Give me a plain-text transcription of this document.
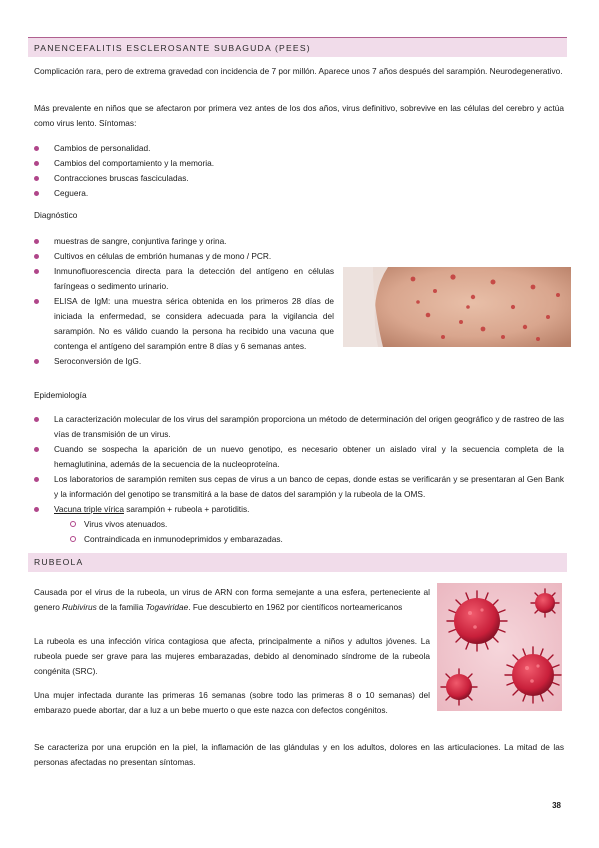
PANENCEFALITIS ESCLEROSANTE SUBAGUDA (PEES)

Complicación rara, pero de extrema gravedad con incidencia de 7 por millón. Aparece unos 7 años después del sarampión. Neurodegenerativo.

Más prevalente en niños que se afectaron por primera vez antes de los dos años, virus definitivo, sobrevive en las células del cerebro y actúa como virus lento. Síntomas:

Cambios de personalidad.
Cambios del comportamiento y la memoria.
Contracciones bruscas fasciculadas.
Ceguera.
Diagnóstico
muestras de sangre, conjuntiva faringe y orina.
Cultivos en células de embrión humanas y de mono / PCR.
Inmunofluorescencia directa para la detección del antígeno en células faríngeas o sedimento urinario.
ELISA de IgM: una muestra sérica obtenida en los primeros 28 días de iniciada la enfermedad, se considera adecuada para la vigilancia del sarampión. No es válido cuando la persona ha recibido una vacuna que contenga el antígeno del sarampión entre 8 días y 6 semanas antes.
Seroconversión de IgG.
Epidemiología
La caracterización molecular de los virus del sarampión proporciona un método de determinación del origen geográfico y de rastreo de las vías de transmisión de un virus.
Cuando se sospecha la aparición de un nuevo genotipo, es necesario obtener un aislado viral y la secuencia completa de la hemaglutinina, además de la secuencia de la nucleoproteína.
Los laboratorios de sarampión remiten sus cepas de virus a un banco de cepas, donde estas se verificarán y se presentaran al Gen Bank y la información del genotipo se transmitirá a la base de datos del sarampión y la rubeola de la OMS.
Vacuna triple vírica sarampión + rubeola + parotiditis.
Virus vivos atenuados.
Contraindicada en inmunodeprimidos y embarazadas.
RUBEOLA

Causada por el virus de la rubeola, un virus de ARN con forma semejante a una esfera, perteneciente al genero Rubivirus de la familia Togaviridae. Fue descubierto en 1962 por científicos norteamericanos

La rubeola es una infección vírica contagiosa que afecta, principalmente a niños y adultos jóvenes. La rubeola puede ser grave para las mujeres embarazadas, debido al denominado síndrome de la rubeola congénita (SRC).

Una mujer infectada durante las primeras 16 semanas (sobre todo las primeras 8 o 10 semanas) del embarazo puede abortar, dar a luz a un bebe muerto o que este nazca con defectos congénitos.

Se caracteriza por una erupción en la piel, la inflamación de las glándulas y en los adultos, dolores en las articulaciones. La mitad de las personas afectadas no presentan síntomas.

38
